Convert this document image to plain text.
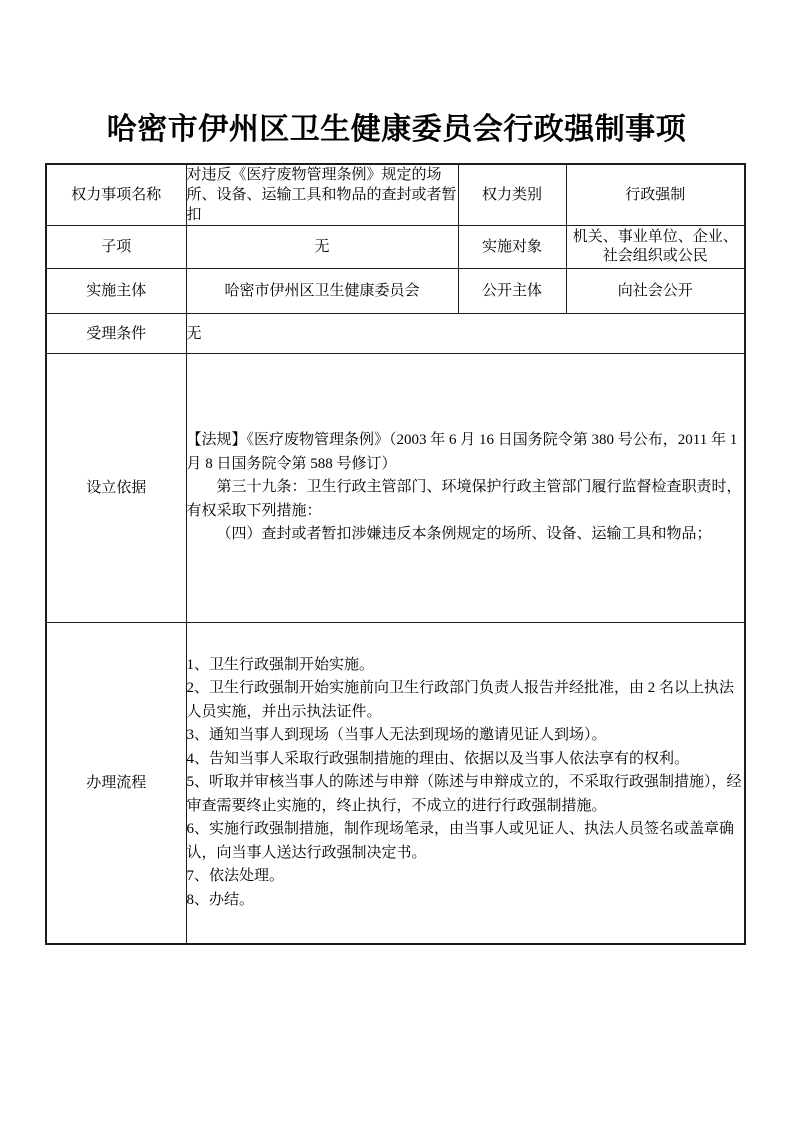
哈密市伊州区卫生健康委员会行政强制事项
权力事项名称	对违反《医疗废物管理条例》规定的场所、设备、运输工具和物品的查封或者暂扣	权力类别	行政强制
子项	无	实施对象	机关、事业单位、企业、社会组织或公民
实施主体	哈密市伊州区卫生健康委员会	公开主体	向社会公开
受理条件	无		
设立依据	【法规】《医疗废物管理条例》（2003 年 6 月 16 日国务院令第 380 号公布，2011 年 1 月 8 日国务院令第 588 号修订）

第三十九条：卫生行政主管部门、环境保护行政主管部门履行监督检查职责时，有权采取下列措施：

（四）查封或者暂扣涉嫌违反本条例规定的场所、设备、运输工具和物品；		

办理流程	

1、卫生行政强制开始实施。

2、卫生行政强制开始实施前向卫生行政部门负责人报告并经批准，由 2 名以上执法人员实施，并出示执法证件。

3、通知当事人到现场（当事人无法到现场的邀请见证人到场）。

4、告知当事人采取行政强制措施的理由、依据以及当事人依法享有的权利。

5、听取并审核当事人的陈述与申辩（陈述与申辩成立的，不采取行政强制措施），经审查需要终止实施的，终止执行，不成立的进行行政强制措施。

6、实施行政强制措施，制作现场笔录，由当事人或见证人、执法人员签名或盖章确认，向当事人送达行政强制决定书。

7、依法处理。

8、办结。
